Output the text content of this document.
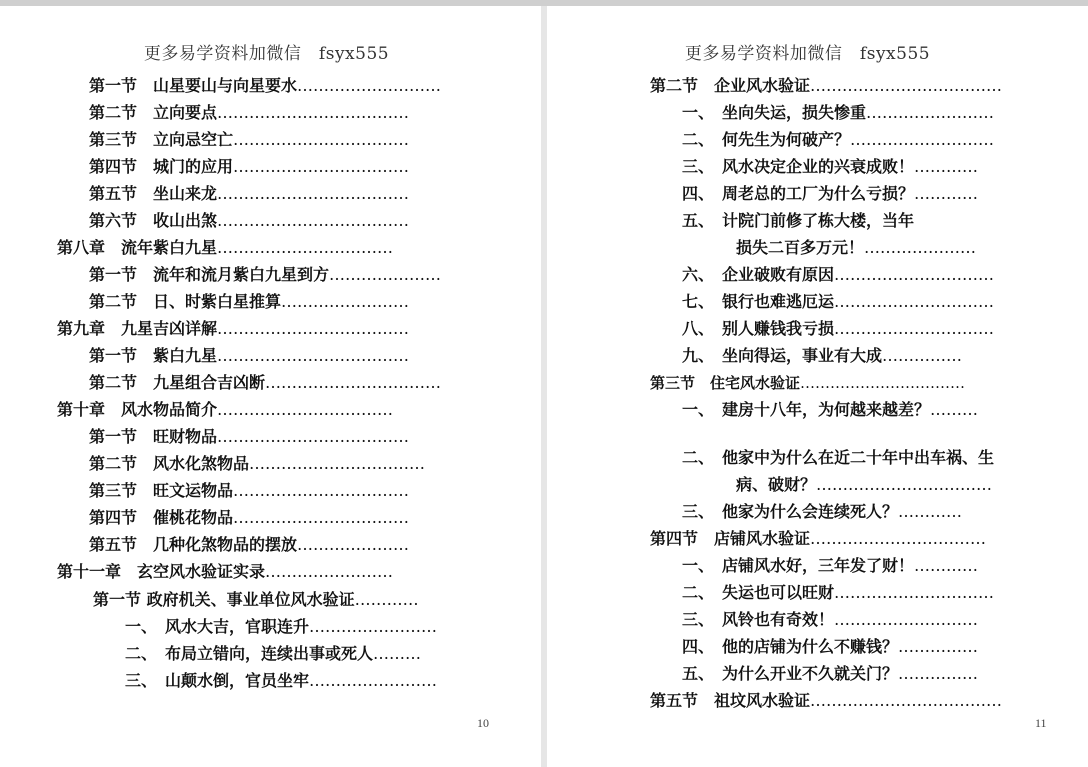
更多易学资料加微信　fsyx555
第一节　山星要山与向星要水………………………
第二节　立向要点………………………………
第三节　立向忌空亡……………………………
第四节　城门的应用……………………………
第五节　坐山来龙………………………………
第六节　收山出煞………………………………
第八章　流年紫白九星……………………………
第一节　流年和流月紫白九星到方…………………
第二节　日、时紫白星推算……………………
第九章　九星吉凶详解………………………………
第一节　紫白九星………………………………
第二节　九星组合吉凶断……………………………
第十章　风水物品简介……………………………
第一节　旺财物品………………………………
第二节　风水化煞物品……………………………
第三节　旺文运物品……………………………
第四节　催桃花物品……………………………
第五节　几种化煞物品的摆放…………………
第十一章　玄空风水验证实录……………………
第一节 政府机关、事业单位风水验证…………
一、　风水大吉，官职连升……………………
二、　布局立错向，连续出事或死人………
三、　山颠水倒，官员坐牢……………………
10
更多易学资料加微信　fsyx555
第二节　企业风水验证………………………………
一、　坐向失运，损失惨重……………………
二、　何先生为何破产？………………………
三、　风水决定企业的兴衰成败！…………
四、　周老总的工厂为什么亏损？…………
五、　计院门前修了栋大楼，当年
损失二百多万元！…………………
六、　企业破败有原因…………………………
七、　银行也难逃厄运…………………………
八、　别人赚钱我亏损…………………………
九、　坐向得运，事业有大成……………
第三节　住宅风水验证……………………………
一、　建房十八年，为何越来越差？………
二、　他家中为什么在近二十年中出车祸、生
病、破财？……………………………
三、　他家为什么会连续死人？…………
第四节　店铺风水验证……………………………
一、　店铺风水好，三年发了财！…………
二、　失运也可以旺财…………………………
三、　风铃也有奇效！………………………
四、　他的店铺为什么不赚钱？……………
五、　为什么开业不久就关门？……………
第五节　祖坟风水验证………………………………
11
